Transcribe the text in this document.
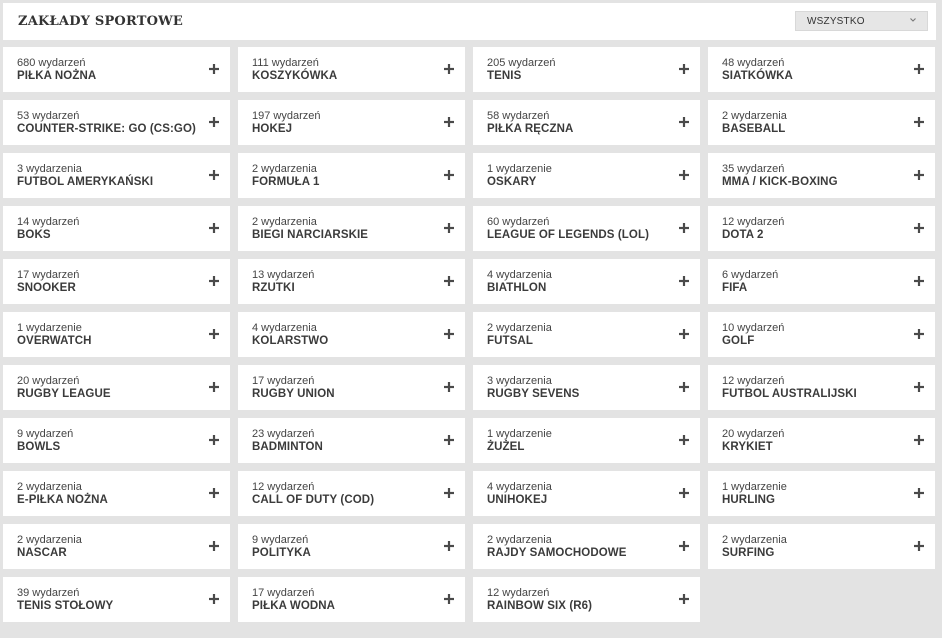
ZAKŁADY SPORTOWE	WSZYSTKO
680 wydarzeń
PIŁKA NOŻNA
111 wydarzeń
KOSZYKÓWKA
205 wydarzeń
TENIS
48 wydarzeń
SIATKÓWKA
53 wydarzeń
COUNTER-STRIKE: GO (CS:GO)
197 wydarzeń
HOKEJ
58 wydarzeń
PIŁKA RĘCZNA
2 wydarzenia
BASEBALL
3 wydarzenia
FUTBOL AMERYKAŃSKI
2 wydarzenia
FORMUŁA 1
1 wydarzenie
OSKARY
35 wydarzeń
MMA / KICK-BOXING
14 wydarzeń
BOKS
2 wydarzenia
BIEGI NARCIARSKIE
60 wydarzeń
LEAGUE OF LEGENDS (LOL)
12 wydarzeń
DOTA 2
17 wydarzeń
SNOOKER
13 wydarzeń
RZUTKI
4 wydarzenia
BIATHLON
6 wydarzeń
FIFA
1 wydarzenie
OVERWATCH
4 wydarzenia
KOLARSTWO
2 wydarzenia
FUTSAL
10 wydarzeń
GOLF
20 wydarzeń
RUGBY LEAGUE
17 wydarzeń
RUGBY UNION
3 wydarzenia
RUGBY SEVENS
12 wydarzeń
FUTBOL AUSTRALIJSKI
9 wydarzeń
BOWLS
23 wydarzeń
BADMINTON
1 wydarzenie
ŻUŻEL
20 wydarzeń
KRYKIET
2 wydarzenia
E-PIŁKA NOŻNA
12 wydarzeń
CALL OF DUTY (COD)
4 wydarzenia
UNIHOKEJ
1 wydarzenie
HURLING
2 wydarzenia
NASCAR
9 wydarzeń
POLITYKA
2 wydarzenia
RAJDY SAMOCHODOWE
2 wydarzenia
SURFING
39 wydarzeń
TENIS STOŁOWY
17 wydarzeń
PIŁKA WODNA
12 wydarzeń
RAINBOW SIX (R6)
